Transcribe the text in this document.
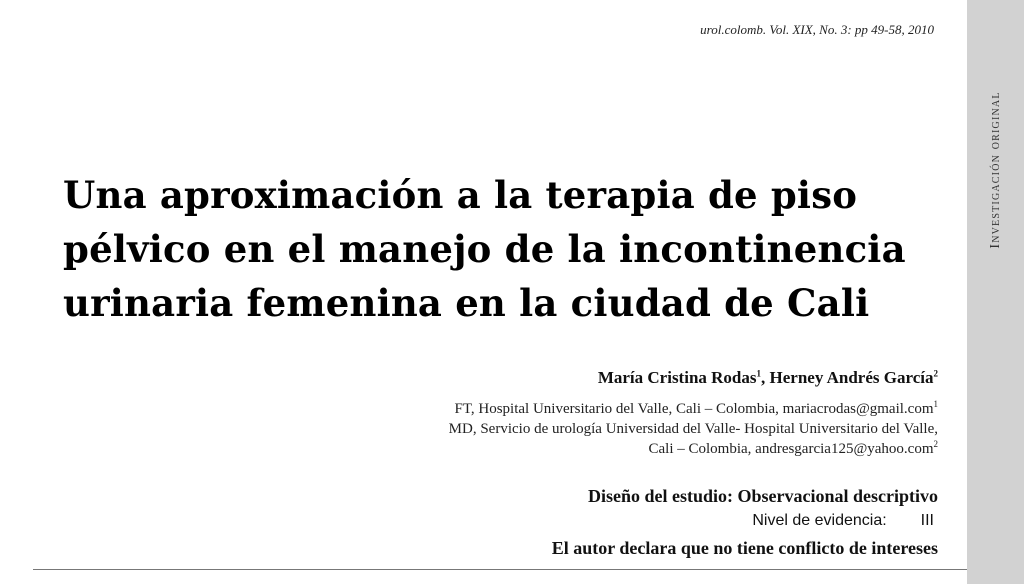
urol.colomb. Vol. XIX, No. 3: pp 49-58, 2010
Investigación original
Una aproximación a la terapia de piso pélvico en el manejo de la incontinencia urinaria femenina en la ciudad de Cali
María Cristina Rodas$^1$, Herney Andrés García$^2$
FT, Hospital Universitario del Valle, Cali – Colombia, mariacrodas@gmail.com$^1$
MD, Servicio de urología Universidad del Valle- Hospital Universitario del Valle,
Cali – Colombia, andresgarcia125@yahoo.com$^2$
Diseño del estudio: Observacional descriptivo
Nivel de evidencia: III
El autor declara que no tiene conflicto de intereses
